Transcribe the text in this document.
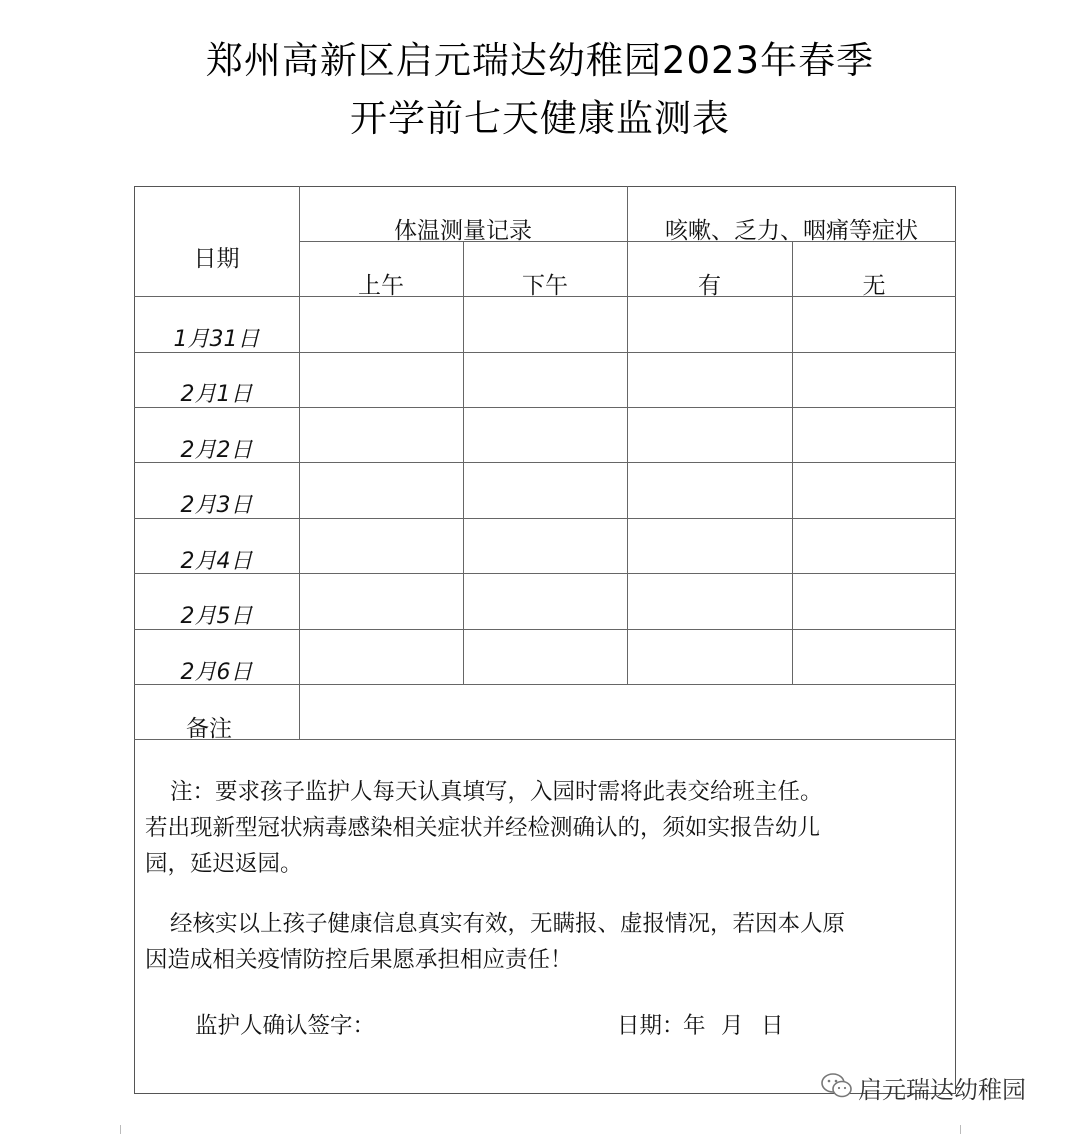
郑州高新区启元瑞达幼稚园2023年春季
开学前七天健康监测表
日期
体温测量记录	咳嗽、乏力、咽痛等症状
上午	下午	有	无
1月31日
2月1日
2月2日
2月3日
2月4日
2月5日
2月6日
备注
注：要求孩子监护人每天认真填写，入园时需将此表交给班主任。
若出现新型冠状病毒感染相关症状并经检测确认的，须如实报告幼儿
园，延迟返园。
经核实以上孩子健康信息真实有效，无瞒报、虚报情况，若因本人原
因造成相关疫情防控后果愿承担相应责任！
监护人确认签字：	日期：
年 月 日
启元瑞达幼稚园
